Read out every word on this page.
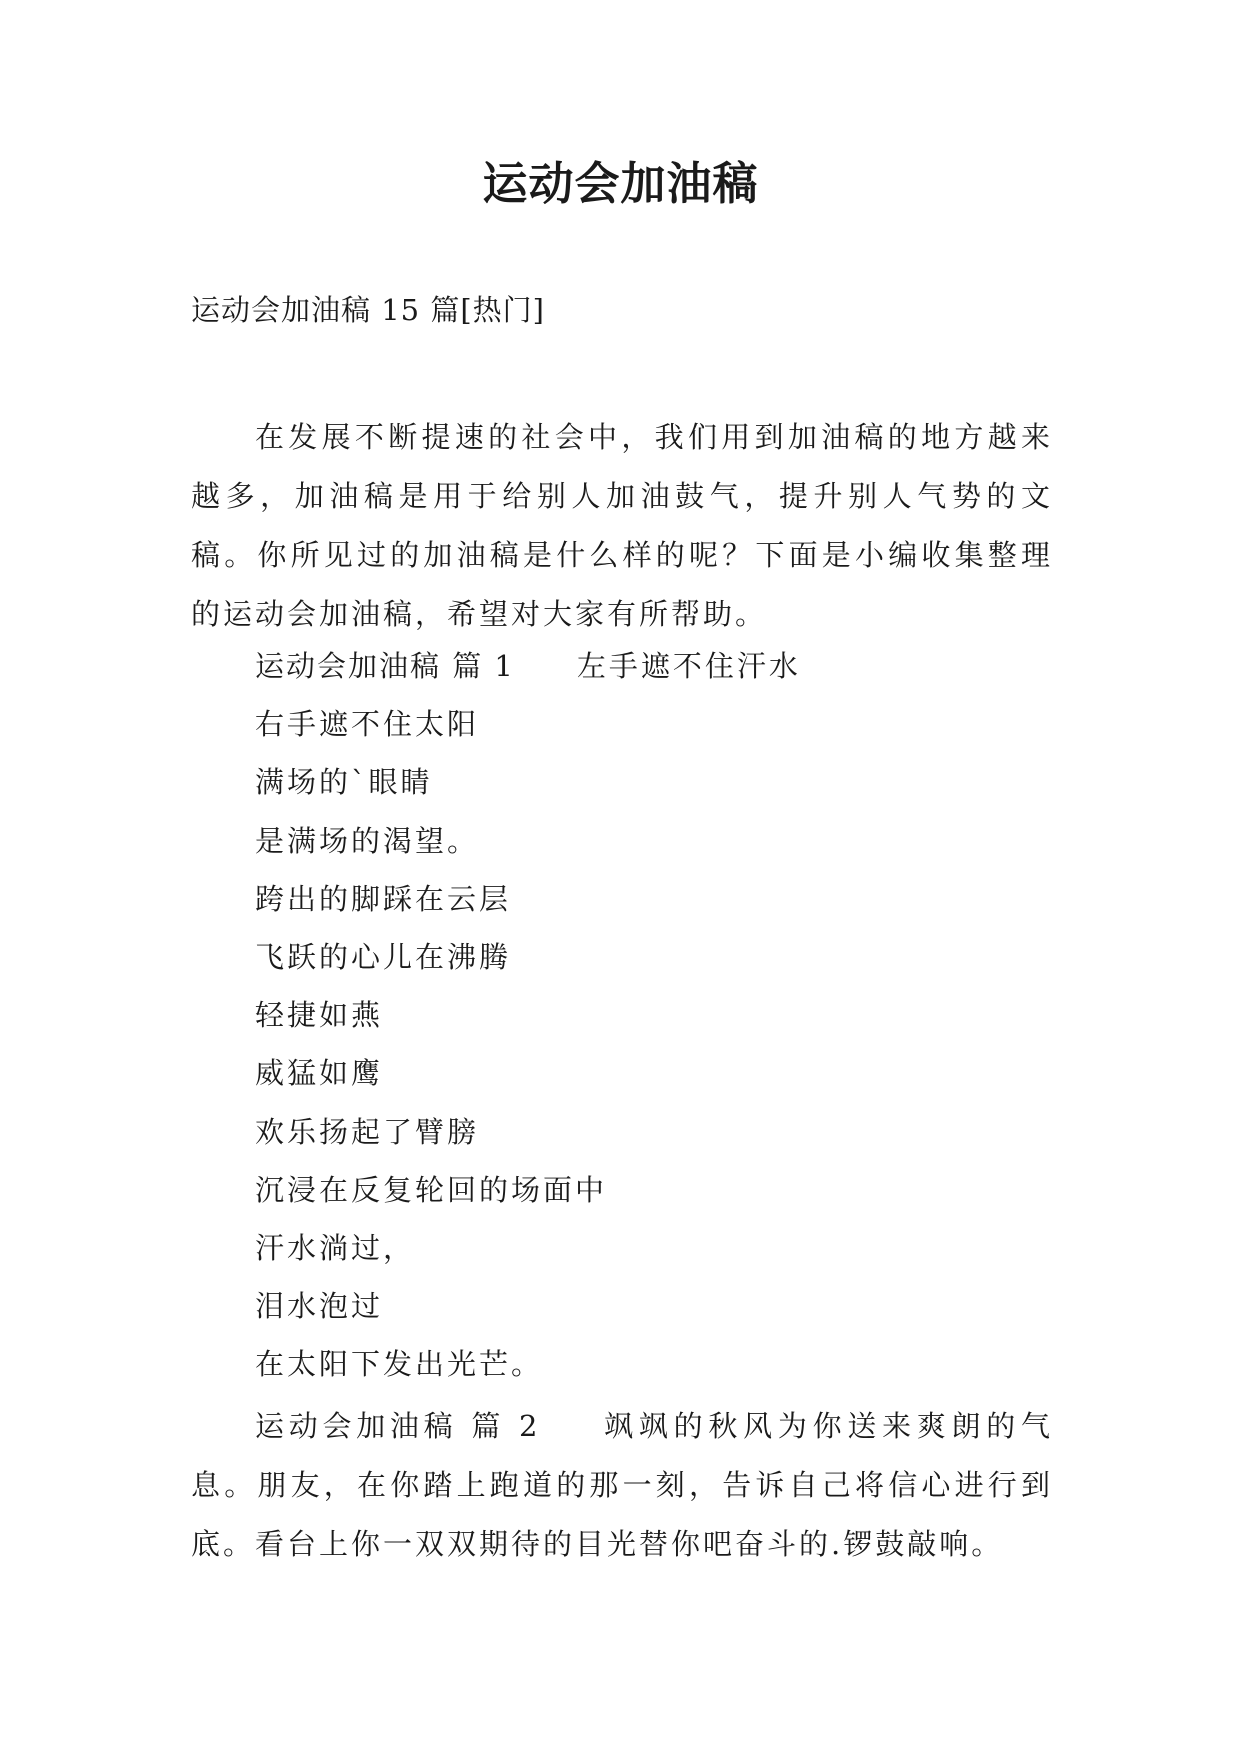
运动会加油稿

运动会加油稿 15 篇[热门]

在发展不断提速的社会中，我们用到加油稿的地方越来越多，加油稿是用于给别人加油鼓气，提升别人气势的文稿。你所见过的加油稿是什么样的呢？下面是小编收集整理的运动会加油稿，希望对大家有所帮助。

运动会加油稿 篇 1 左手遮不住汗水
右手遮不住太阳
满场的`眼睛
是满场的渴望。
跨出的脚踩在云层
飞跃的心儿在沸腾
轻捷如燕
威猛如鹰
欢乐扬起了臂膀
沉浸在反复轮回的场面中
汗水淌过，
泪水泡过
在太阳下发出光芒。

运动会加油稿 篇 2 飒飒的秋风为你送来爽朗的气息。朋友，在你踏上跑道的那一刻，告诉自己将信心进行到底。看台上你一双双期待的目光替你吧奋斗的.锣鼓敲响。
